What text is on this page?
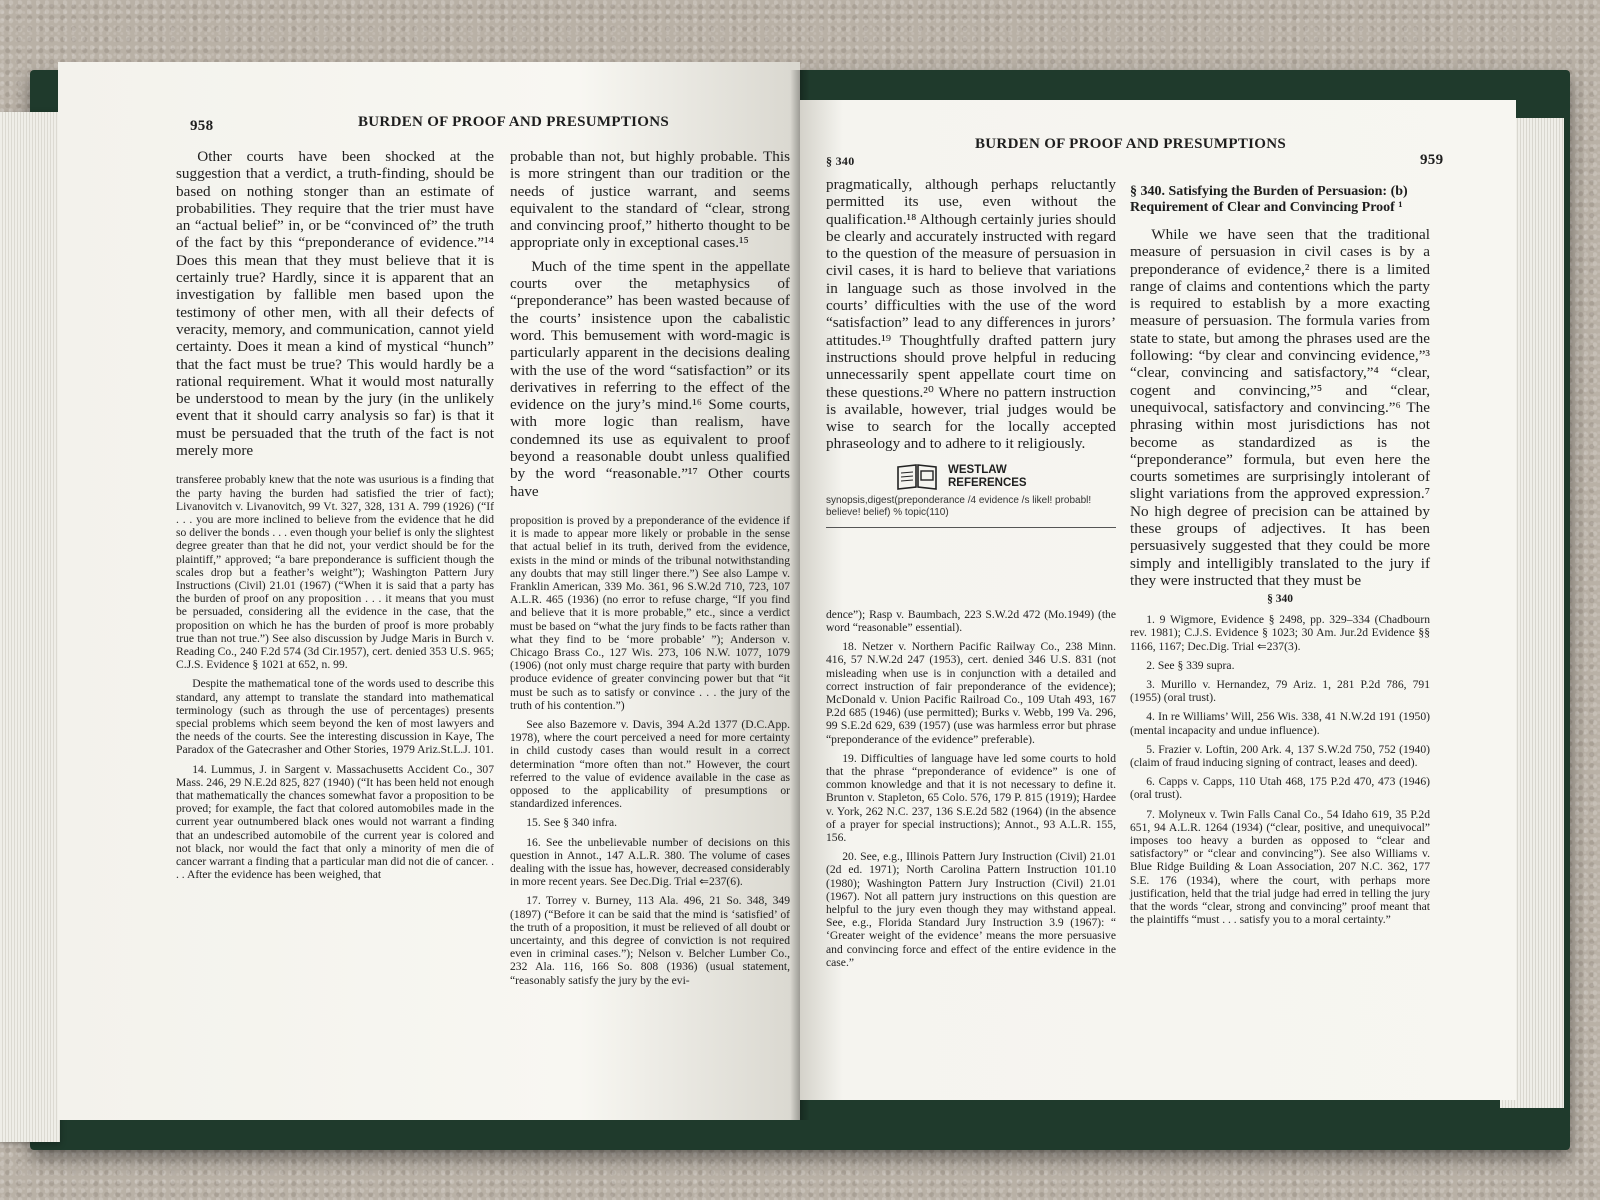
958	BURDEN OF PROOF AND PRESUMPTIONS

Other courts have been shocked at the suggestion that a verdict, a truth-finding, should be based on nothing stonger than an estimate of probabilities. They require that the trier must have an “actual belief” in, or be “convinced of” the truth of the fact by this “preponderance of evidence.”¹⁴ Does this mean that they must believe that it is certainly true? Hardly, since it is apparent that an investigation by fallible men based upon the testimony of other men, with all their defects of veracity, memory, and communication, cannot yield certainty. Does it mean a kind of mystical “hunch” that the fact must be true? This would hardly be a rational requirement. What it would most naturally be understood to mean by the jury (in the unlikely event that it should carry analysis so far) is that it must be persuaded that the truth of the fact is not merely more

transferee probably knew that the note was usurious is a finding that the party having the burden had satisfied the trier of fact); Livanovitch v. Livanovitch, 99 Vt. 327, 328, 131 A. 799 (1926) (“If . . . you are more inclined to believe from the evidence that he did so deliver the bonds . . . even though your belief is only the slightest degree greater than that he did not, your verdict should be for the plaintiff,” approved; “a bare preponderance is sufficient though the scales drop but a feather’s weight”); Washington Pattern Jury Instructions (Civil) 21.01 (1967) (“When it is said that a party has the burden of proof on any proposition . . . it means that you must be persuaded, considering all the evidence in the case, that the proposition on which he has the burden of proof is more probably true than not true.”) See also discussion by Judge Maris in Burch v. Reading Co., 240 F.2d 574 (3d Cir.1957), cert. denied 353 U.S. 965; C.J.S. Evidence § 1021 at 652, n. 99.

Despite the mathematical tone of the words used to describe this standard, any attempt to translate the standard into mathematical terminology (such as through the use of percentages) presents special problems which seem beyond the ken of most lawyers and the needs of the courts. See the interesting discussion in Kaye, The Paradox of the Gatecrasher and Other Stories, 1979 Ariz.St.L.J. 101.

14. Lummus, J. in Sargent v. Massachusetts Accident Co., 307 Mass. 246, 29 N.E.2d 825, 827 (1940) (“It has been held not enough that mathematically the chances somewhat favor a proposition to be proved; for example, the fact that colored automobiles made in the current year outnumbered black ones would not warrant a finding that an undescribed automobile of the current year is colored and not black, nor would the fact that only a minority of men die of cancer warrant a finding that a particular man did not die of cancer. . . . After the evidence has been weighed, that

probable than not, but highly probable. This is more stringent than our tradition or the needs of justice warrant, and seems equivalent to the standard of “clear, strong and convincing proof,” hitherto thought to be appropriate only in exceptional cases.¹⁵

Much of the time spent in the appellate courts over the metaphysics of “preponderance” has been wasted because of the courts’ insistence upon the cabalistic word. This bemusement with word-magic is particularly apparent in the decisions dealing with the use of the word “satisfaction” or its derivatives in referring to the effect of the evidence on the jury’s mind.¹⁶ Some courts, with more logic than realism, have condemned its use as equivalent to proof beyond a reasonable doubt unless qualified by the word “reasonable.”¹⁷ Other courts have

proposition is proved by a preponderance of the evidence if it is made to appear more likely or probable in the sense that actual belief in its truth, derived from the evidence, exists in the mind or minds of the tribunal notwithstanding any doubts that may still linger there.”) See also Lampe v. Franklin American, 339 Mo. 361, 96 S.W.2d 710, 723, 107 A.L.R. 465 (1936) (no error to refuse charge, “If you find and believe that it is more probable,” etc., since a verdict must be based on “what the jury finds to be facts rather than what they find to be ‘more probable’ ”); Anderson v. Chicago Brass Co., 127 Wis. 273, 106 N.W. 1077, 1079 (1906) (not only must charge require that party with burden produce evidence of greater convincing power but that “it must be such as to satisfy or convince . . . the jury of the truth of his contention.”)

See also Bazemore v. Davis, 394 A.2d 1377 (D.C.App. 1978), where the court perceived a need for more certainty in child custody cases than would result in a correct determination “more often than not.” However, the court referred to the value of evidence available in the case as opposed to the applicability of presumptions or standardized inferences.

15. See § 340 infra.

16. See the unbelievable number of decisions on this question in Annot., 147 A.L.R. 380. The volume of cases dealing with the issue has, however, decreased considerably in more recent years. See Dec.Dig. Trial ⇐237(6).

17. Torrey v. Burney, 113 Ala. 496, 21 So. 348, 349 (1897) (“Before it can be said that the mind is ‘satisfied’ of the truth of a proposition, it must be relieved of all doubt or uncertainty, and this degree of conviction is not required even in criminal cases.”); Nelson v. Belcher Lumber Co., 232 Ala. 116, 166 So. 808 (1936) (usual statement, “reasonably satisfy the jury by the evi-

§ 340
BURDEN OF PROOF AND PRESUMPTIONS
959

pragmatically, although perhaps reluctantly permitted its use, even without the qualification.¹⁸ Although certainly juries should be clearly and accurately instructed with regard to the question of the measure of persuasion in civil cases, it is hard to believe that variations in language such as those involved in the courts’ difficulties with the use of the word “satisfaction” lead to any differences in jurors’ attitudes.¹⁹ Thoughtfully drafted pattern jury instructions should prove helpful in reducing unnecessarily spent appellate court time on these questions.²⁰ Where no pattern instruction is available, however, trial judges would be wise to search for the locally accepted phraseology and to adhere to it religiously.

WESTLAW
REFERENCES
synopsis,digest(preponderance /4 evidence /s likel! probabl! believe! belief) % topic(110)

dence”); Rasp v. Baumbach, 223 S.W.2d 472 (Mo.1949) (the word “reasonable” essential).

18. Netzer v. Northern Pacific Railway Co., 238 Minn. 416, 57 N.W.2d 247 (1953), cert. denied 346 U.S. 831 (not misleading when use is in conjunction with a detailed and correct instruction of fair preponderance of the evidence); McDonald v. Union Pacific Railroad Co., 109 Utah 493, 167 P.2d 685 (1946) (use permitted); Burks v. Webb, 199 Va. 296, 99 S.E.2d 629, 639 (1957) (use was harmless error but phrase “preponderance of the evidence” preferable).

19. Difficulties of language have led some courts to hold that the phrase “preponderance of evidence” is one of common knowledge and that it is not necessary to define it. Brunton v. Stapleton, 65 Colo. 576, 179 P. 815 (1919); Hardee v. York, 262 N.C. 237, 136 S.E.2d 582 (1964) (in the absence of a prayer for special instructions); Annot., 93 A.L.R. 155, 156.

20. See, e.g., Illinois Pattern Jury Instruction (Civil) 21.01 (2d ed. 1971); North Carolina Pattern Instruction 101.10 (1980); Washington Pattern Jury Instruction (Civil) 21.01 (1967). Not all pattern jury instructions on this question are helpful to the jury even though they may withstand appeal. See, e.g., Florida Standard Jury Instruction 3.9 (1967): “ ‘Greater weight of the evidence’ means the more persuasive and convincing force and effect of the entire evidence in the case.”

§ 340. Satisfying the Burden of Persuasion: (b) Requirement of Clear and Convincing Proof ¹

While we have seen that the traditional measure of persuasion in civil cases is by a preponderance of evidence,² there is a limited range of claims and contentions which the party is required to establish by a more exacting measure of persuasion. The formula varies from state to state, but among the phrases used are the following: “by clear and convincing evidence,”³ “clear, convincing and satisfactory,”⁴ “clear, cogent and convincing,”⁵ and “clear, unequivocal, satisfactory and convincing.”⁶ The phrasing within most jurisdictions has not become as standardized as is the “preponderance” formula, but even here the courts sometimes are surprisingly intolerant of slight variations from the approved expression.⁷ No high degree of precision can be attained by these groups of adjectives. It has been persuasively suggested that they could be more simply and intelligibly translated to the jury if they were instructed that they must be

§ 340

1. 9 Wigmore, Evidence § 2498, pp. 329–334 (Chadbourn rev. 1981); C.J.S. Evidence § 1023; 30 Am. Jur.2d Evidence §§ 1166, 1167; Dec.Dig. Trial ⇐237(3).

2. See § 339 supra.

3. Murillo v. Hernandez, 79 Ariz. 1, 281 P.2d 786, 791 (1955) (oral trust).

4. In re Williams’ Will, 256 Wis. 338, 41 N.W.2d 191 (1950) (mental incapacity and undue influence).

5. Frazier v. Loftin, 200 Ark. 4, 137 S.W.2d 750, 752 (1940) (claim of fraud inducing signing of contract, leases and deed).

6. Capps v. Capps, 110 Utah 468, 175 P.2d 470, 473 (1946) (oral trust).

7. Molyneux v. Twin Falls Canal Co., 54 Idaho 619, 35 P.2d 651, 94 A.L.R. 1264 (1934) (“clear, positive, and unequivocal” imposes too heavy a burden as opposed to “clear and satisfactory” or “clear and convincing”). See also Williams v. Blue Ridge Building & Loan Association, 207 N.C. 362, 177 S.E. 176 (1934), where the court, with perhaps more justification, held that the trial judge had erred in telling the jury that the words “clear, strong and convincing” proof meant that the plaintiffs “must . . . satisfy you to a moral certainty.”
